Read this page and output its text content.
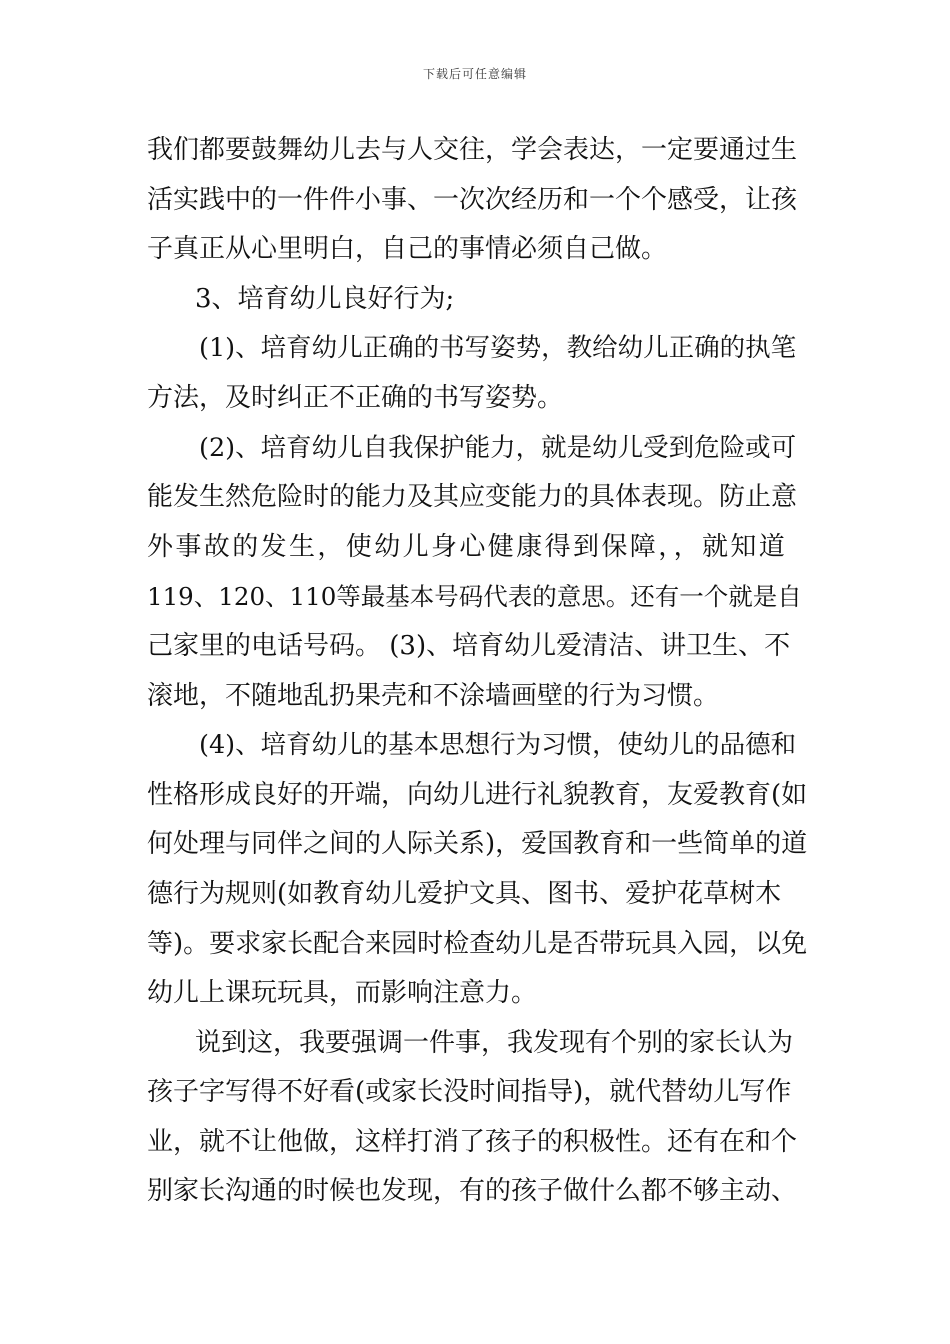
下载后可任意编辑
我们都要鼓舞幼儿去与人交往，学会表达，一定要通过生
活实践中的一件件小事、一次次经历和一个个感受，让孩
子真正从心里明白，自己的事情必须自己做。
3、培育幼儿良好行为;
(1)、培育幼儿正确的书写姿势，教给幼儿正确的执笔
方法，及时纠正不正确的书写姿势。
(2)、培育幼儿自我保护能力，就是幼儿受到危险或可
能发生然危险时的能力及其应变能力的具体表现。防止意
外事故的发生，使幼儿身心健康得到保障，，就知道
119、120、110等最基本号码代表的意思。还有一个就是自
己家里的电话号码。 (3)、培育幼儿爱清洁、讲卫生、不
滚地，不随地乱扔果壳和不涂墙画壁的行为习惯。
(4)、培育幼儿的基本思想行为习惯，使幼儿的品德和
性格形成良好的开端，向幼儿进行礼貌教育，友爱教育(如
何处理与同伴之间的人际关系)，爱国教育和一些简单的道
德行为规则(如教育幼儿爱护文具、图书、爱护花草树木
等)。要求家长配合来园时检查幼儿是否带玩具入园，以免
幼儿上课玩玩具，而影响注意力。
说到这，我要强调一件事，我发现有个别的家长认为
孩子字写得不好看(或家长没时间指导)，就代替幼儿写作
业，就不让他做，这样打消了孩子的积极性。还有在和个
别家长沟通的时候也发现，有的孩子做什么都不够主动、
